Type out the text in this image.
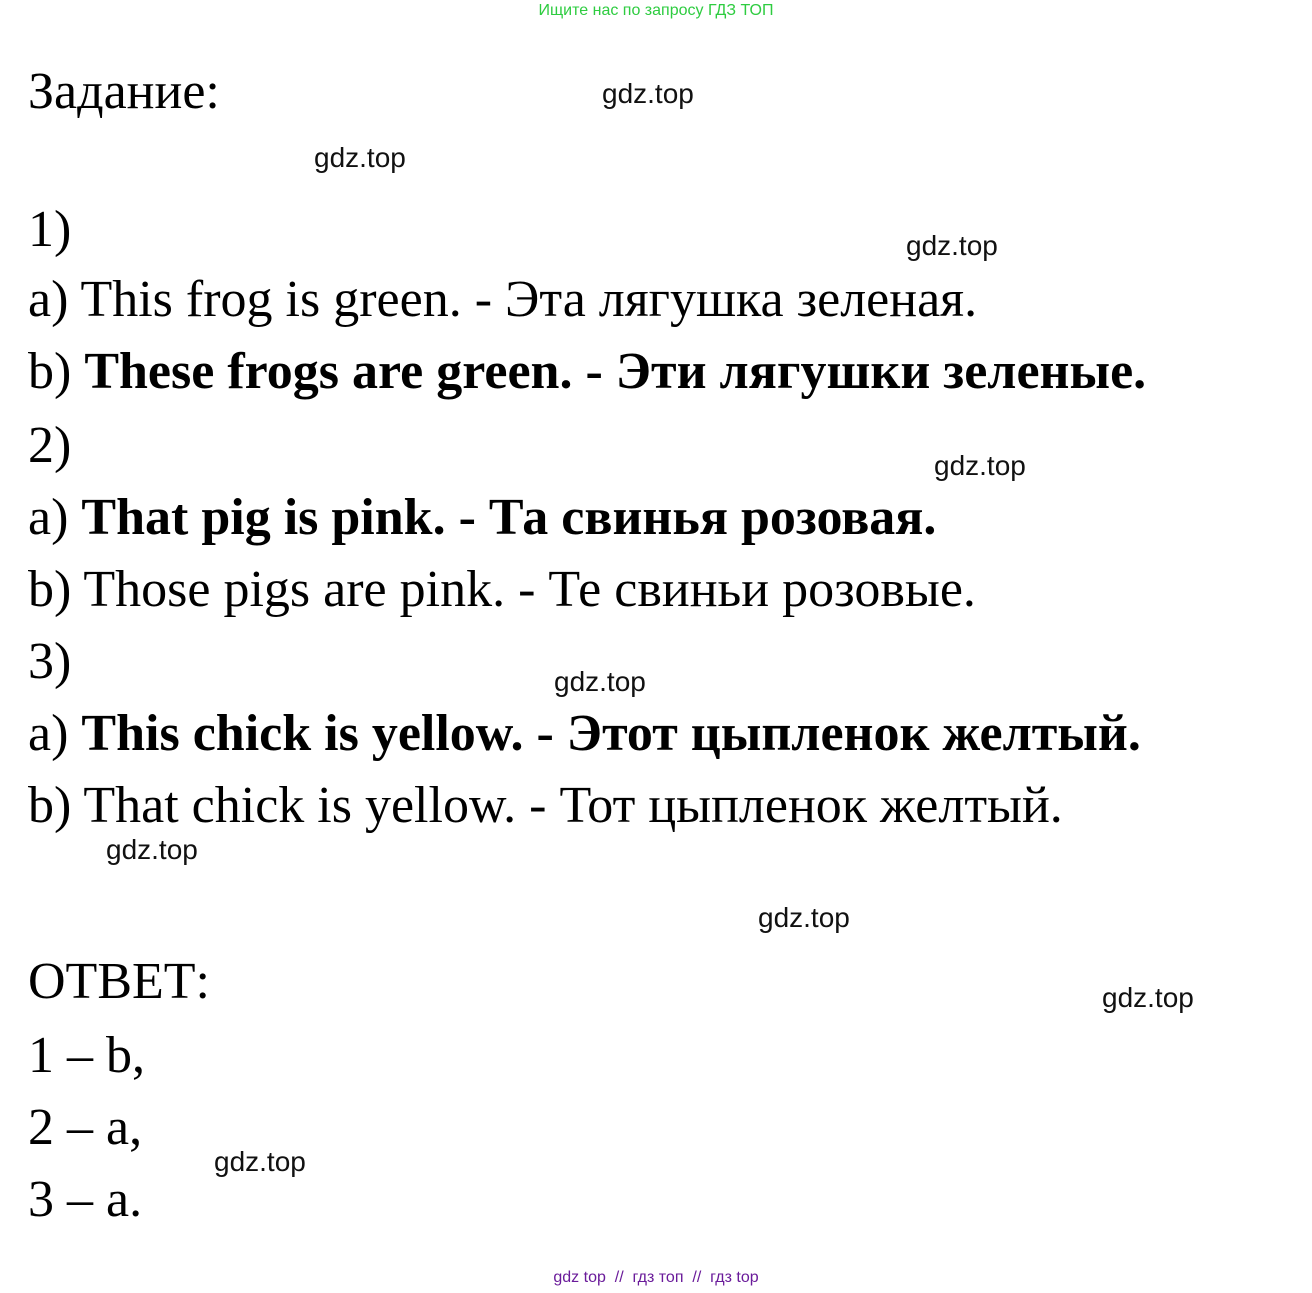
Ищите нас по запросу ГДЗ ТОП
Задание:
1)
a) This frog is green. - Эта лягушка зеленая.
b) These frogs are green. - Эти лягушки зеленые.
2)
a) That pig is pink. - Та свинья розовая.
b) Those pigs are pink. - Те свиньи розовые.
3)
a) This chick is yellow. - Этот цыпленок желтый.
b) That chick is yellow. - Тот цыпленок желтый.
ОТВЕТ:
1 – b,
2 – a,
3 – a.
gdz.top
gdz.top
gdz.top
gdz.top
gdz.top
gdz.top
gdz.top
gdz.top
gdz.top
gdz top  //  гдз топ  //  гдз top
